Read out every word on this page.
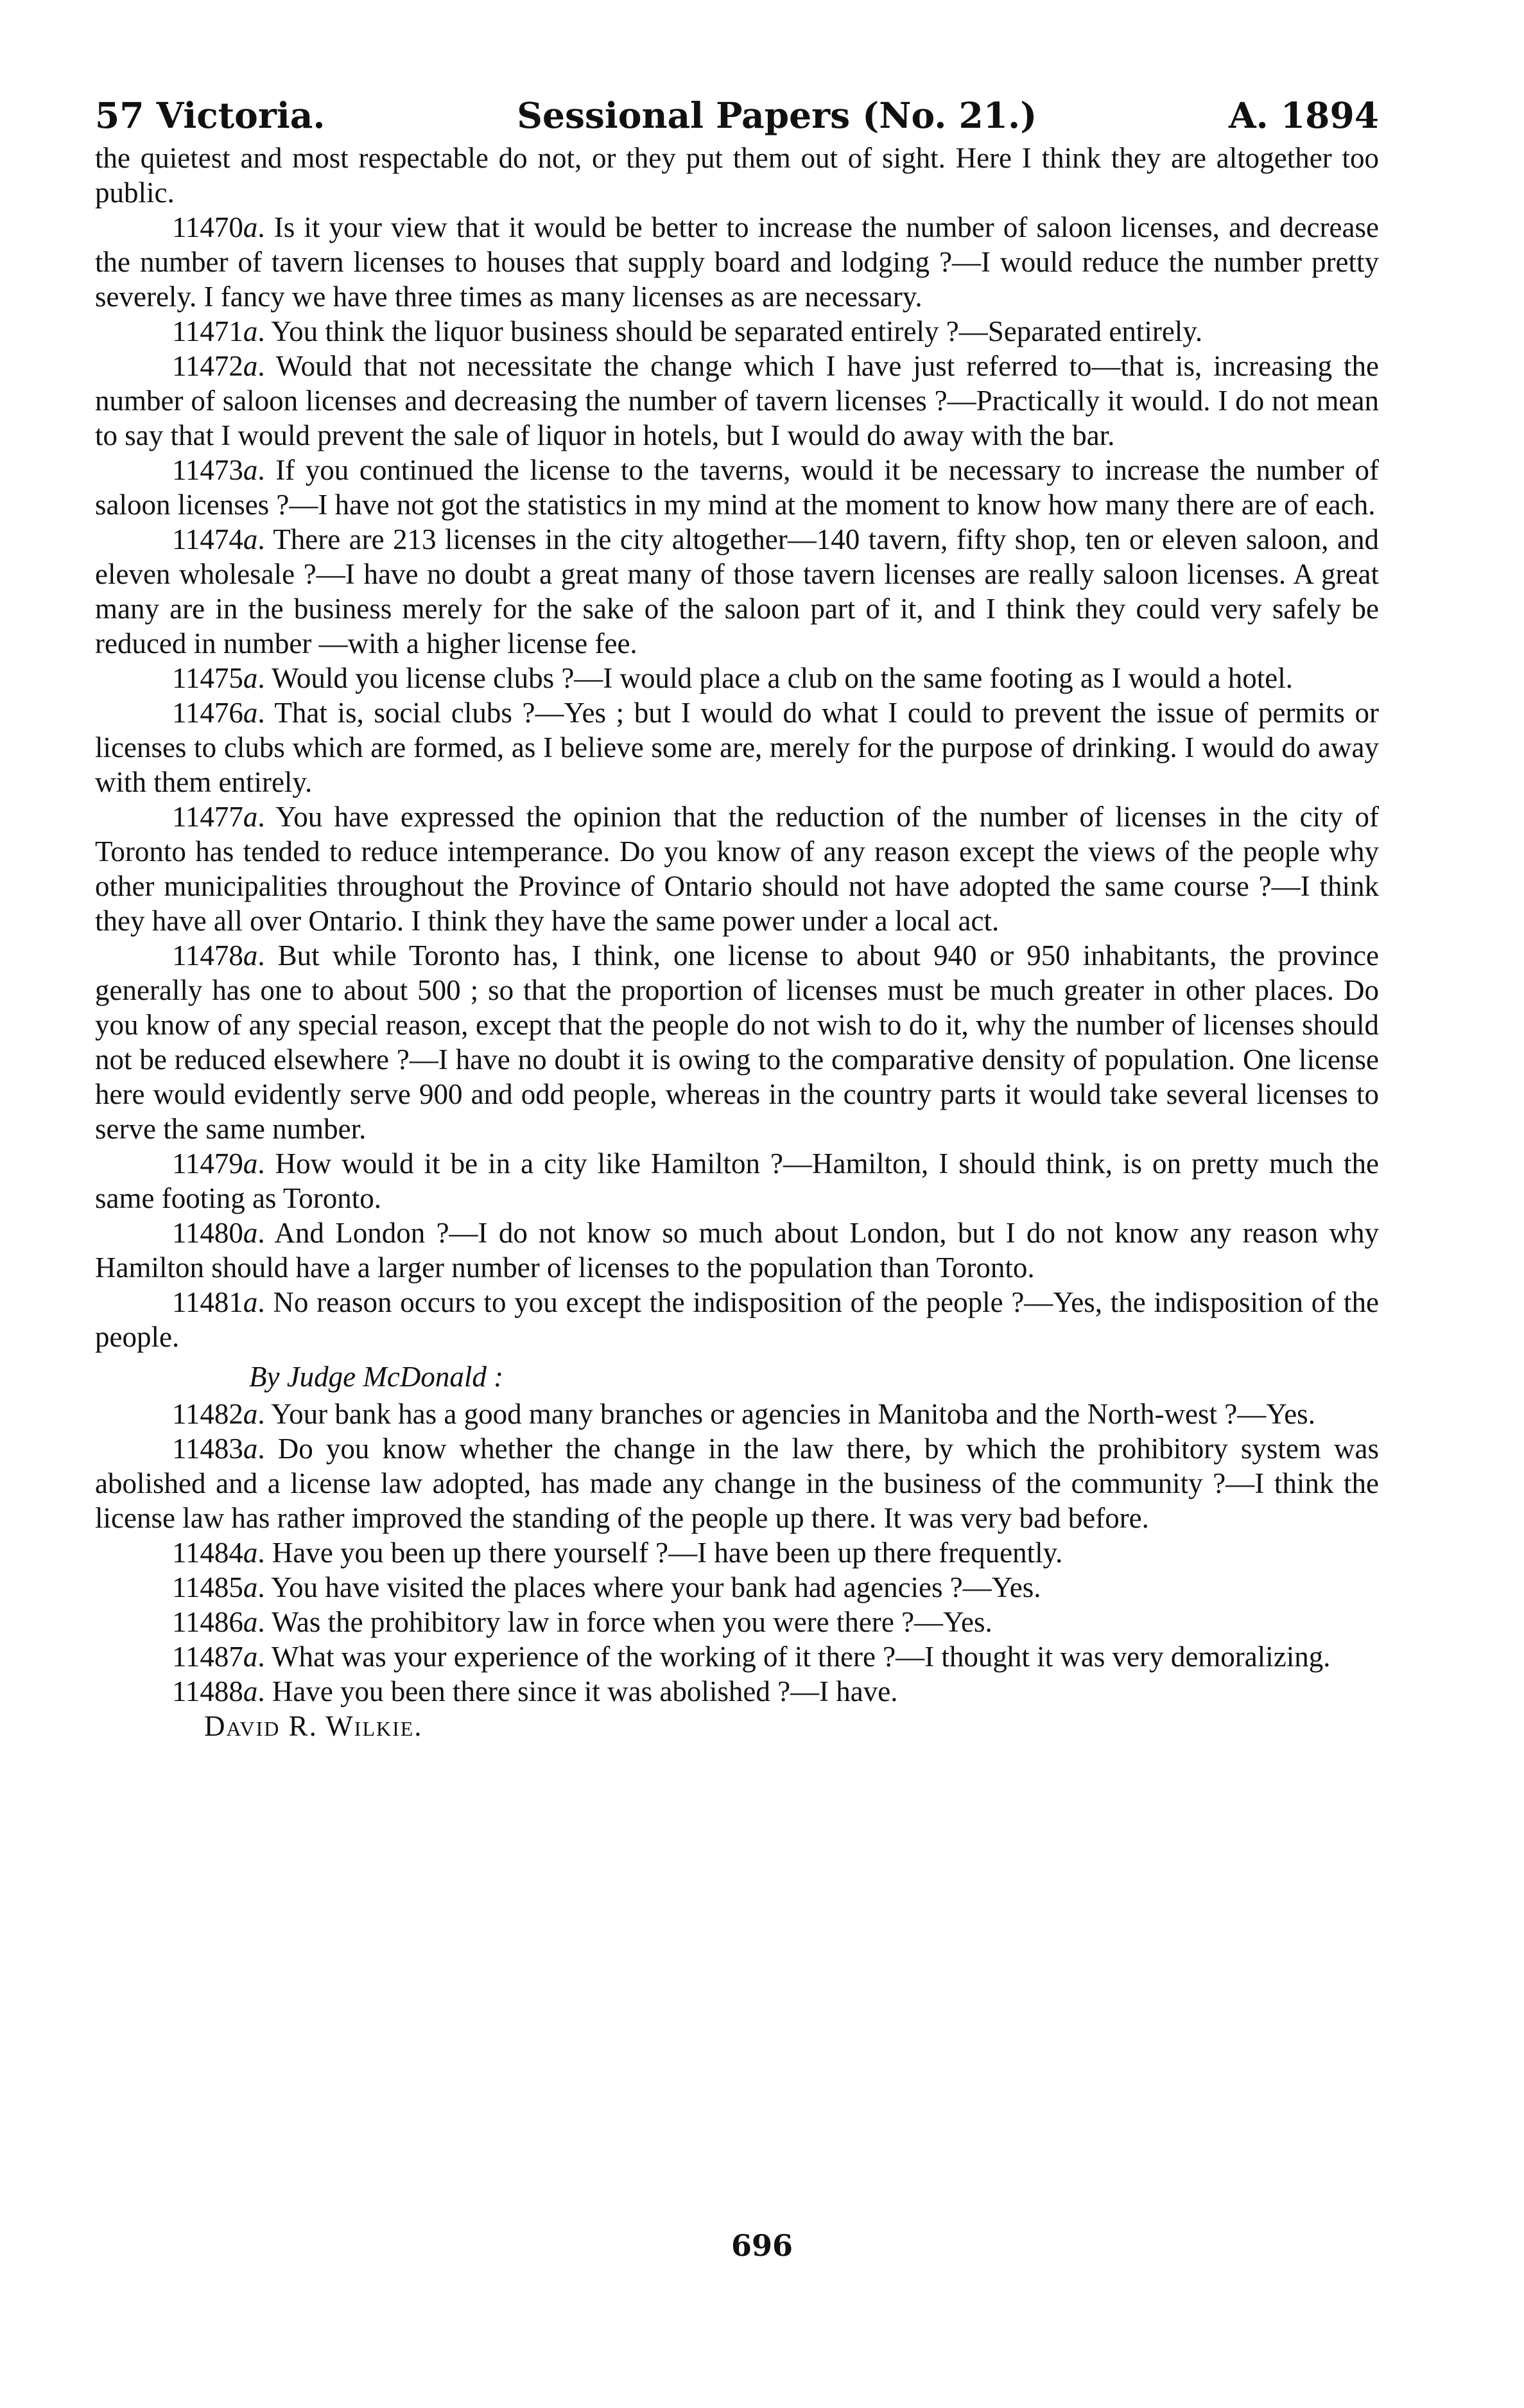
57 Victoria.	Sessional Papers (No. 21.)	A. 1894

the quietest and most respectable do not, or they put them out of sight. Here I think they are altogether too public.

11470a. Is it your view that it would be better to increase the number of saloon licenses, and decrease the number of tavern licenses to houses that supply board and lodging ?—I would reduce the number pretty severely. I fancy we have three times as many licenses as are necessary.

11471a. You think the liquor business should be separated entirely ?—Separated entirely.

11472a. Would that not necessitate the change which I have just referred to—that is, increasing the number of saloon licenses and decreasing the number of tavern licenses ?—Practically it would. I do not mean to say that I would prevent the sale of liquor in hotels, but I would do away with the bar.

11473a. If you continued the license to the taverns, would it be necessary to increase the number of saloon licenses ?—I have not got the statistics in my mind at the moment to know how many there are of each.

11474a. There are 213 licenses in the city altogether—140 tavern, fifty shop, ten or eleven saloon, and eleven wholesale ?—I have no doubt a great many of those tavern licenses are really saloon licenses. A great many are in the business merely for the sake of the saloon part of it, and I think they could very safely be reduced in number —with a higher license fee.

11475a. Would you license clubs ?—I would place a club on the same footing as I would a hotel.

11476a. That is, social clubs ?—Yes ; but I would do what I could to prevent the issue of permits or licenses to clubs which are formed, as I believe some are, merely for the purpose of drinking. I would do away with them entirely.

11477a. You have expressed the opinion that the reduction of the number of licenses in the city of Toronto has tended to reduce intemperance. Do you know of any reason except the views of the people why other municipalities throughout the Province of Ontario should not have adopted the same course ?—I think they have all over Ontario. I think they have the same power under a local act.

11478a. But while Toronto has, I think, one license to about 940 or 950 inhabitants, the province generally has one to about 500 ; so that the proportion of licenses must be much greater in other places. Do you know of any special reason, except that the people do not wish to do it, why the number of licenses should not be reduced elsewhere ?—I have no doubt it is owing to the comparative density of population. One license here would evidently serve 900 and odd people, whereas in the country parts it would take several licenses to serve the same number.

11479a. How would it be in a city like Hamilton ?—Hamilton, I should think, is on pretty much the same footing as Toronto.

11480a. And London ?—I do not know so much about London, but I do not know any reason why Hamilton should have a larger number of licenses to the population than Toronto.

11481a. No reason occurs to you except the indisposition of the people ?—Yes, the indisposition of the people.

By Judge McDonald :

11482a. Your bank has a good many branches or agencies in Manitoba and the North-west ?—Yes.

11483a. Do you know whether the change in the law there, by which the prohibitory system was abolished and a license law adopted, has made any change in the business of the community ?—I think the license law has rather improved the standing of the people up there. It was very bad before.

11484a. Have you been up there yourself ?—I have been up there frequently.

11485a. You have visited the places where your bank had agencies ?—Yes.

11486a. Was the prohibitory law in force when you were there ?—Yes.

11487a. What was your experience of the working of it there ?—I thought it was very demoralizing.

11488a. Have you been there since it was abolished ?—I have.

David R. Wilkie.

696
